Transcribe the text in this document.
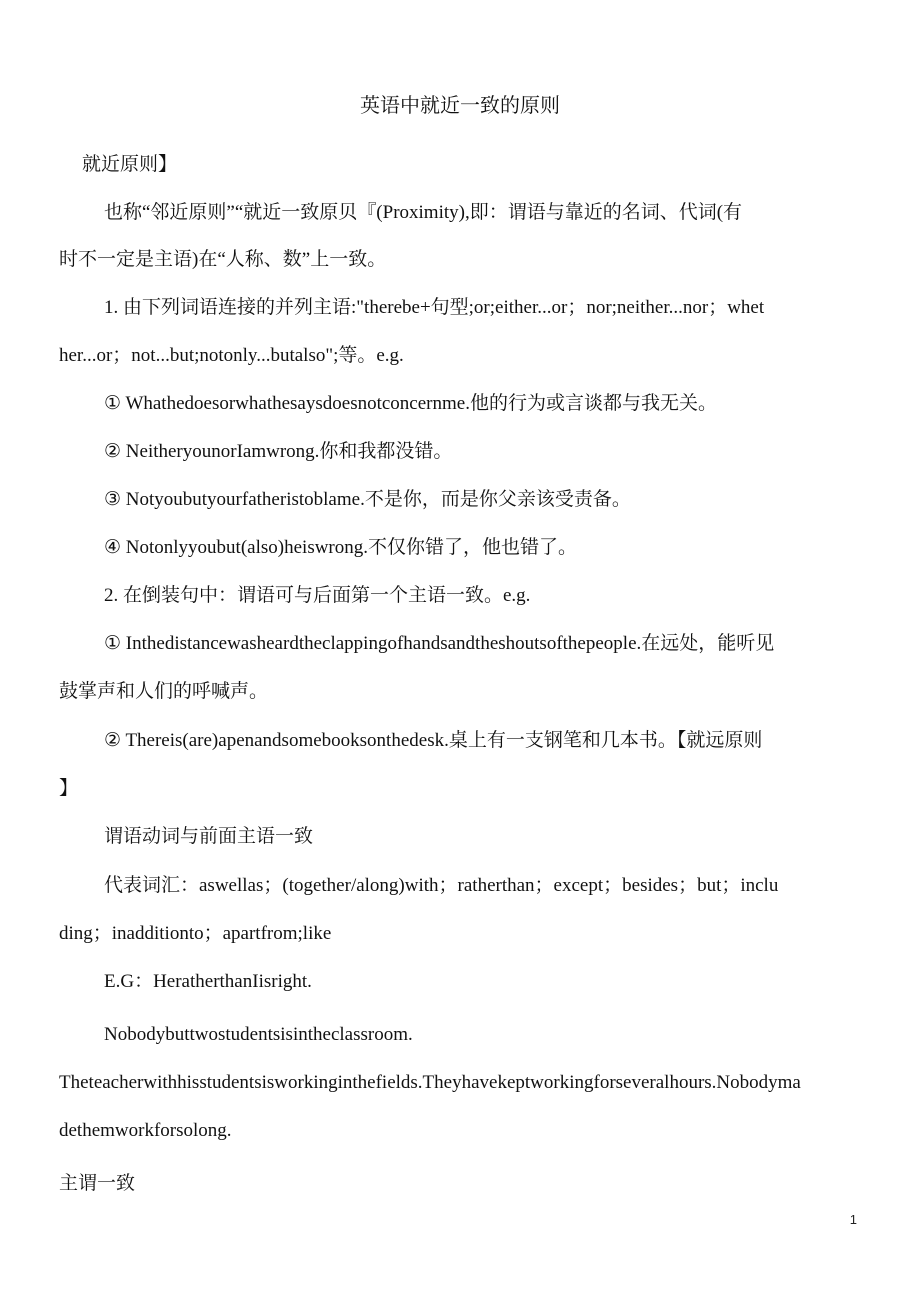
英语中就近一致的原则

就近原则】

也称“邻近原则”“就近一致原贝『(Proximity),即：谓语与靠近的名词、代词(有

时不一定是主语)在“人称、数”上一致。

1. 由下列词语连接的并列主语:"therebe+句型;or;either...or；nor;neither...nor；whet

her...or；not...but;notonly...butalso";等。e.g.

① Whathedoesorwhathesaysdoesnotconcernme.他的行为或言谈都与我无关。

② NeitheryounorIamwrong.你和我都没错。

③ Notyoubutyourfatheristoblame.不是你，而是你父亲该受责备。

④ Notonlyyoubut(also)heiswrong.不仅你错了，他也错了。

2. 在倒装句中：谓语可与后面第一个主语一致。e.g.

① Inthedistancewasheardtheclappingofhandsandtheshoutsofthepeople.在远处，能听见

鼓掌声和人们的呼喊声。

② Thereis(are)apenandsomebooksonthedesk.桌上有一支钢笔和几本书。【就远原则

】

谓语动词与前面主语一致

代表词汇：aswellas；(together/along)with；ratherthan；except；besides；but；inclu

ding；inadditionto；apartfrom;like

E.G：HeratherthanIisright.

Nobodybuttwostudentsisintheclassroom.

Theteacherwithhisstudentsisworkinginthefields.Theyhavekeptworkingforseveralhours.Nobodyma

dethemworkforsolong.

主谓一致

1
